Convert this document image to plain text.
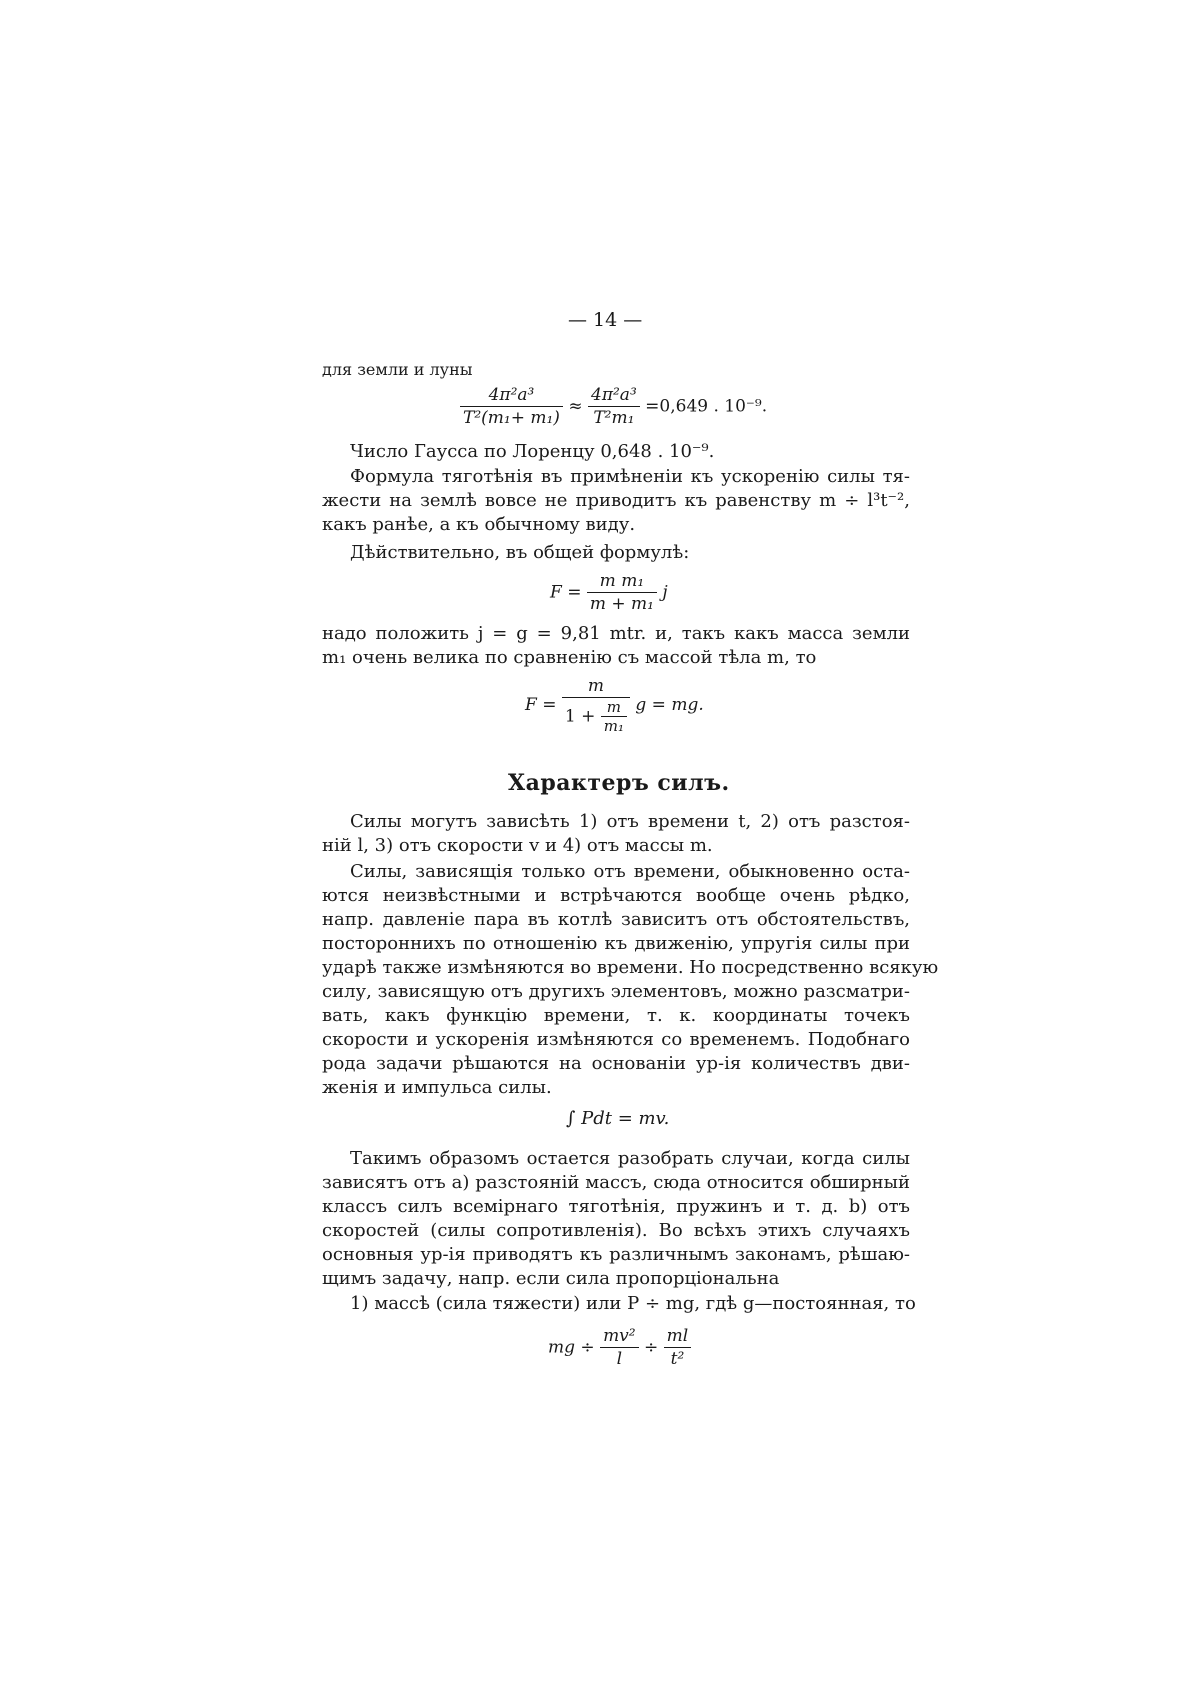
— 14 —
для земли и луны
$\frac{\text{4π²a³}}{\text{T²(m₁+ m₁)}} \approx \frac{\text{4π²a³}}{\text{T²m₁}} =0,649$ . 10⁻⁹.
Число Гаусса по Лоренцу 0,648 . 10⁻⁹.
Формула тяготѣнія въ примѣненіи къ ускоренію силы тя-
жести на землѣ вовсе не приводитъ къ равенству m ÷ l³t⁻²,
какъ ранѣе, а къ обычному виду.
Дѣйствительно, въ общей формулѣ:
$F = \frac{\text{m m₁}}{\text{m + m₁}}$ j
надо положить j = g = 9,81 mtr. и, такъ какъ масса земли
m₁ очень велика по сравненію съ массой тѣла m, то
$F = \frac{m}{1 + \frac{m}{\text{m₁}}}$ g = mg.
Характеръ силъ.
Силы могутъ зависѣть 1) отъ времени t, 2) отъ разстоя-
ній l, 3) отъ скорости v и 4) отъ массы m.
Силы, зависящія только отъ времени, обыкновенно оста-
ются неизвѣстными и встрѣчаются вообще очень рѣдко,
напр. давленіе пара въ котлѣ зависитъ отъ обстоятельствъ,
постороннихъ по отношенію къ движенію, упругія силы при
ударѣ также измѣняются во времени. Но посредственно всякую
силу, зависящую отъ другихъ элементовъ, можно разсматри-
вать, какъ функцію времени, т. к. координаты точекъ
скорости и ускоренія измѣняются со временемъ. Подобнаго
рода задачи рѣшаются на основаніи ур-ія количествъ дви-
женія и импульса силы.
∫ Pdt = mv.
Такимъ образомъ остается разобрать случаи, когда силы
зависятъ отъ a) разстояній массъ, сюда относится обширный
классъ силъ всемірнаго тяготѣнія, пружинъ и т. д. b) отъ
скоростей (силы сопротивленія). Во всѣхъ этихъ случаяхъ
основныя ур-ія приводятъ къ различнымъ законамъ, рѣшаю-
щимъ задачу, напр. если сила пропорціональна
1) массѣ (сила тяжести) или P ÷ mg, гдѣ g—постоянная, то
mg ÷ $\frac{\text{mv²}}{l} \div \frac{ml}{\text{t²}}$
